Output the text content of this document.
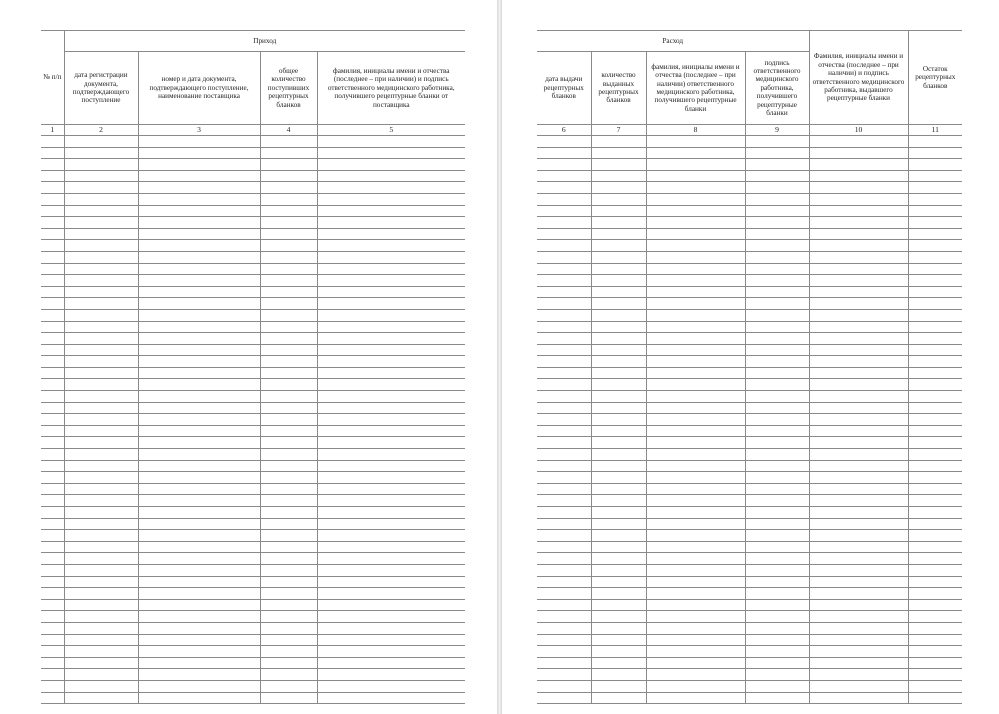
№ п/п	Приход			
	дата регистрации документа, подтверждающего поступление	номер и дата документа, подтверждающего поступление, наименование поставщика	общее количество поступивших рецептурных бланков	фамилия, инициалы имени и отчества (последнее – при наличии) и подпись ответственного медицинского работника, получившего рецептурные бланки от поставщика
1	2	3	4	5

Расход				Фамилия, инициалы имени и отчества (последнее – при наличии) и подпись ответственного медицинского работника, выдавшего рецептурные бланки	Остаток рецептурных бланков
дата выдачи рецептурных бланков	количество выданных рецептурных бланков	фамилия, инициалы имени и отчества (последнее – при наличии) ответственного медицинского работника, получившего рецептурные бланки	подпись ответственного медицинского работника, получившего рецептурные бланки		
6	7	8	9	10	11
